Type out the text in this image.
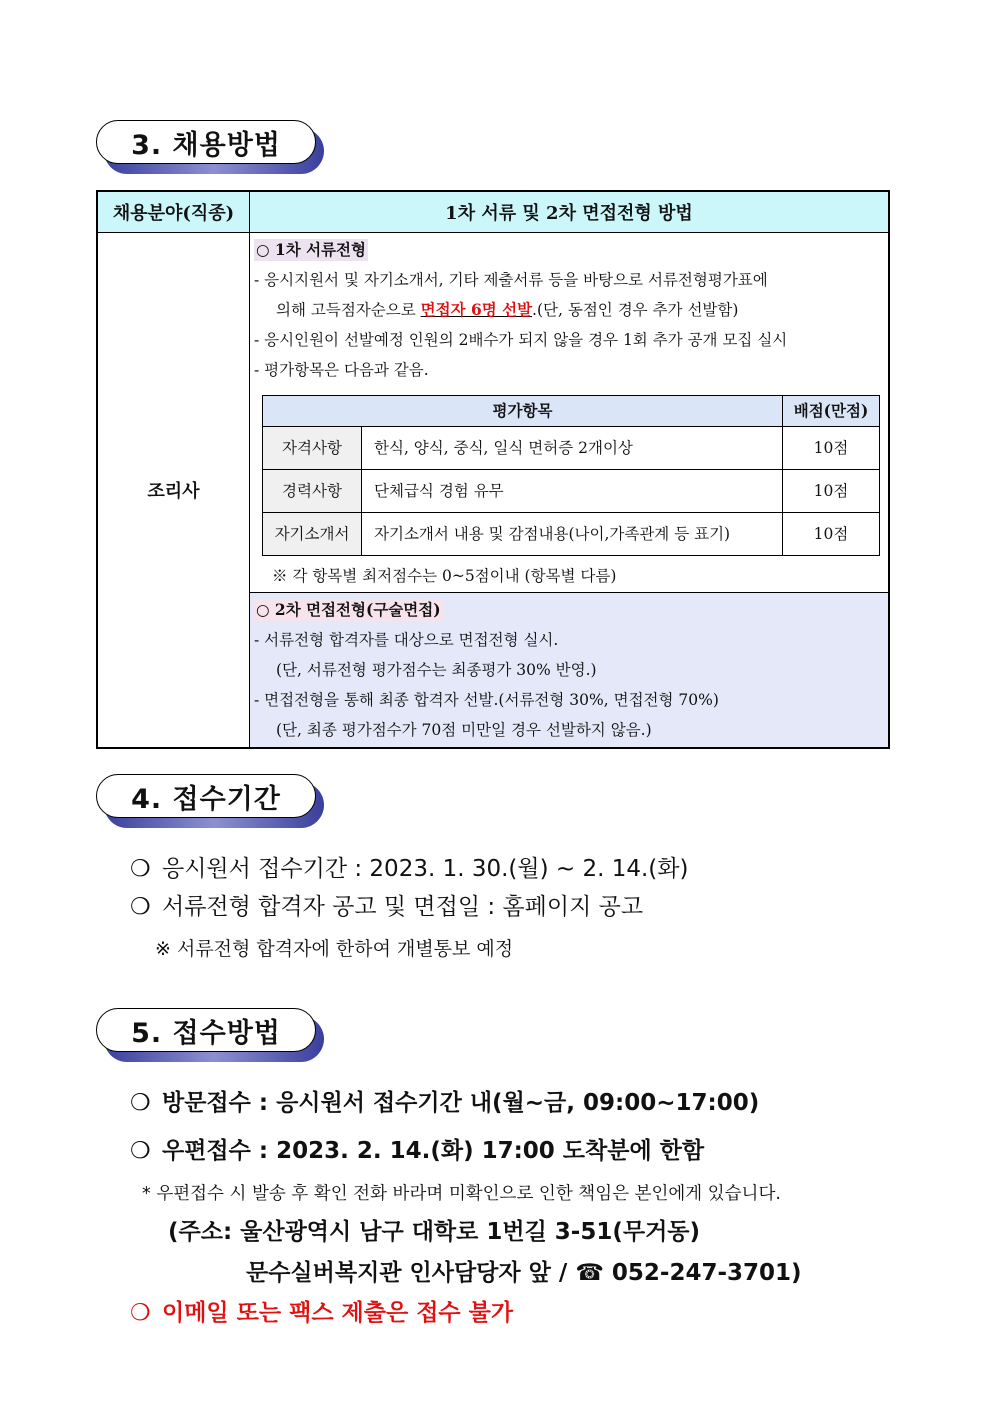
3. 채용방법
채용분야(직종)	1차 서류 및 2차 면접전형 방법
조리사	
○ 1차 서류전형
- 응시지원서 및 자기소개서, 기타 제출서류 등을 바탕으로 서류전형평가표에
의해 고득점자순으로 면접자 6명 선발.(단, 동점인 경우 추가 선발함)
- 응시인원이 선발예정 인원의 2배수가 되지 않을 경우 1회 추가 공개 모집 실시
- 평가항목은 다음과 같음.
평가항목	배점(만점)
자격사항	한식, 양식, 중식, 일식 면허증 2개이상	10점
경력사항	단체급식 경험 유무	10점
자기소개서	자기소개서 내용 및 감점내용(나이,가족관계 등 표기)	10점
※ 각 항목별 최저점수는 0~5점이내 (항목별 다름)

○ 2차 면접전형(구술면접)
- 서류전형 합격자를 대상으로 면접전형 실시.
(단, 서류전형 평가점수는 최종평가 30% 반영.)
- 면접전형을 통해 최종 합격자 선발.(서류전형 30%, 면접전형 70%)
(단, 최종 평가점수가 70점 미만일 경우 선발하지 않음.)
4. 접수기간
❍ 응시원서 접수기간 : 2023. 1. 30.(월) ~ 2. 14.(화)
❍ 서류전형 합격자 공고 및 면접일 : 홈페이지 공고
※ 서류전형 합격자에 한하여 개별통보 예정
5. 접수방법
❍ 방문접수 : 응시원서 접수기간 내(월~금, 09:00~17:00)
❍ 우편접수 : 2023. 2. 14.(화) 17:00 도착분에 한함
* 우편접수 시 발송 후 확인 전화 바라며 미확인으로 인한 책임은 본인에게 있습니다.
(주소: 울산광역시 남구 대학로 1번길 3-51(무거동)
문수실버복지관 인사담당자 앞 / ☎ 052-247-3701)
❍ 이메일 또는 팩스 제출은 접수 불가
